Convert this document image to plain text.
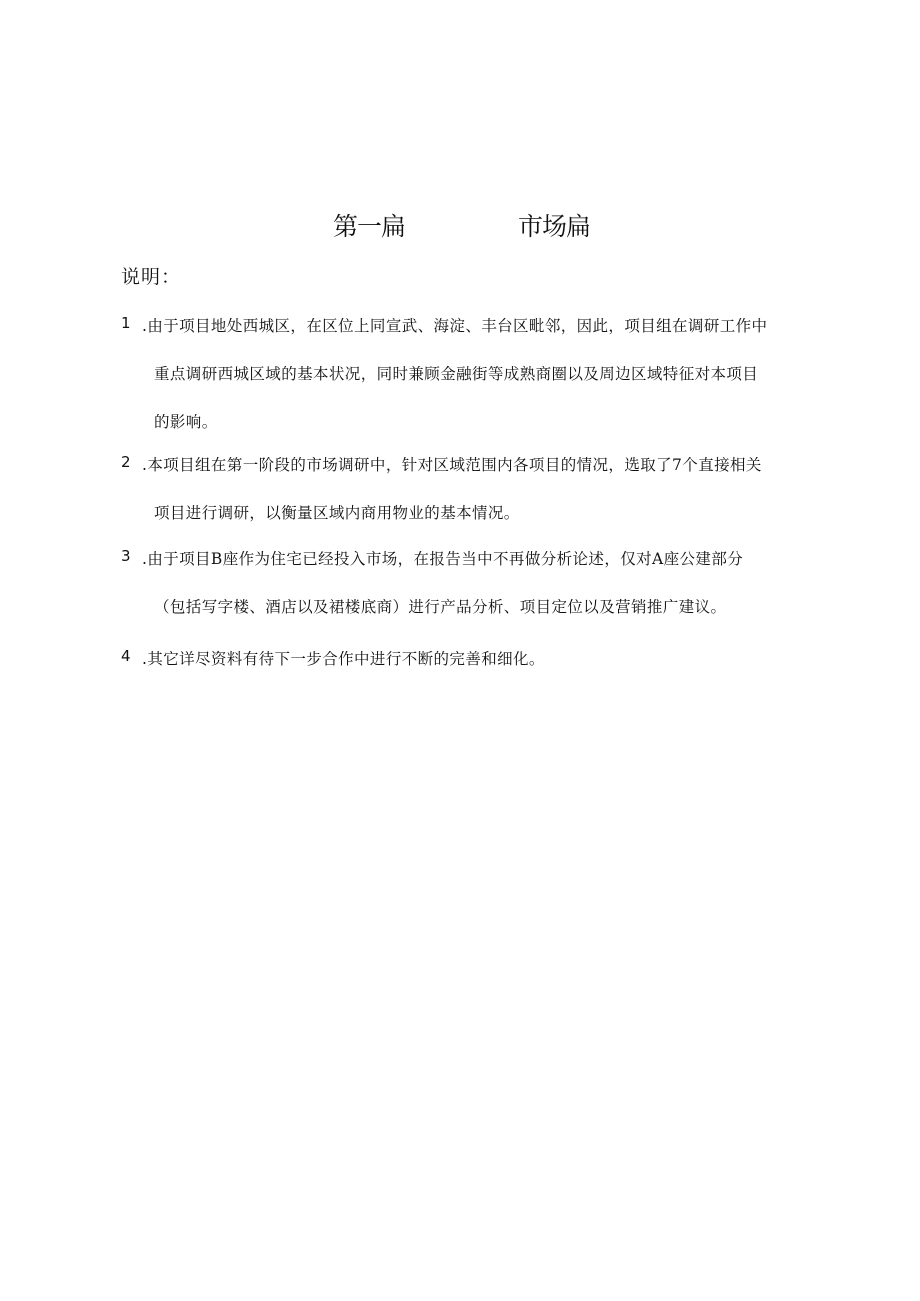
第一扁	市场扁
说明：
1 .由于项目地处西城区，在区位上同宣武、海淀、丰台区毗邻，因此，项目组在调研工作中
重点调研西城区域的基本状况，同时兼顾金融街等成熟商圈以及周边区域特征对本项目
的影响。
2 .本项目组在第一阶段的市场调研中，针对区域范围内各项目的情况，选取了7个直接相关
项目进行调研，以衡量区域内商用物业的基本情况。
3 .由于项目B座作为住宅已经投入市场，在报告当中不再做分析论述，仅对A座公建部分
（包括写字楼、酒店以及裙楼底商）进行产品分析、项目定位以及营销推广建议。
4 .其它详尽资料有待下一步合作中进行不断的完善和细化。
